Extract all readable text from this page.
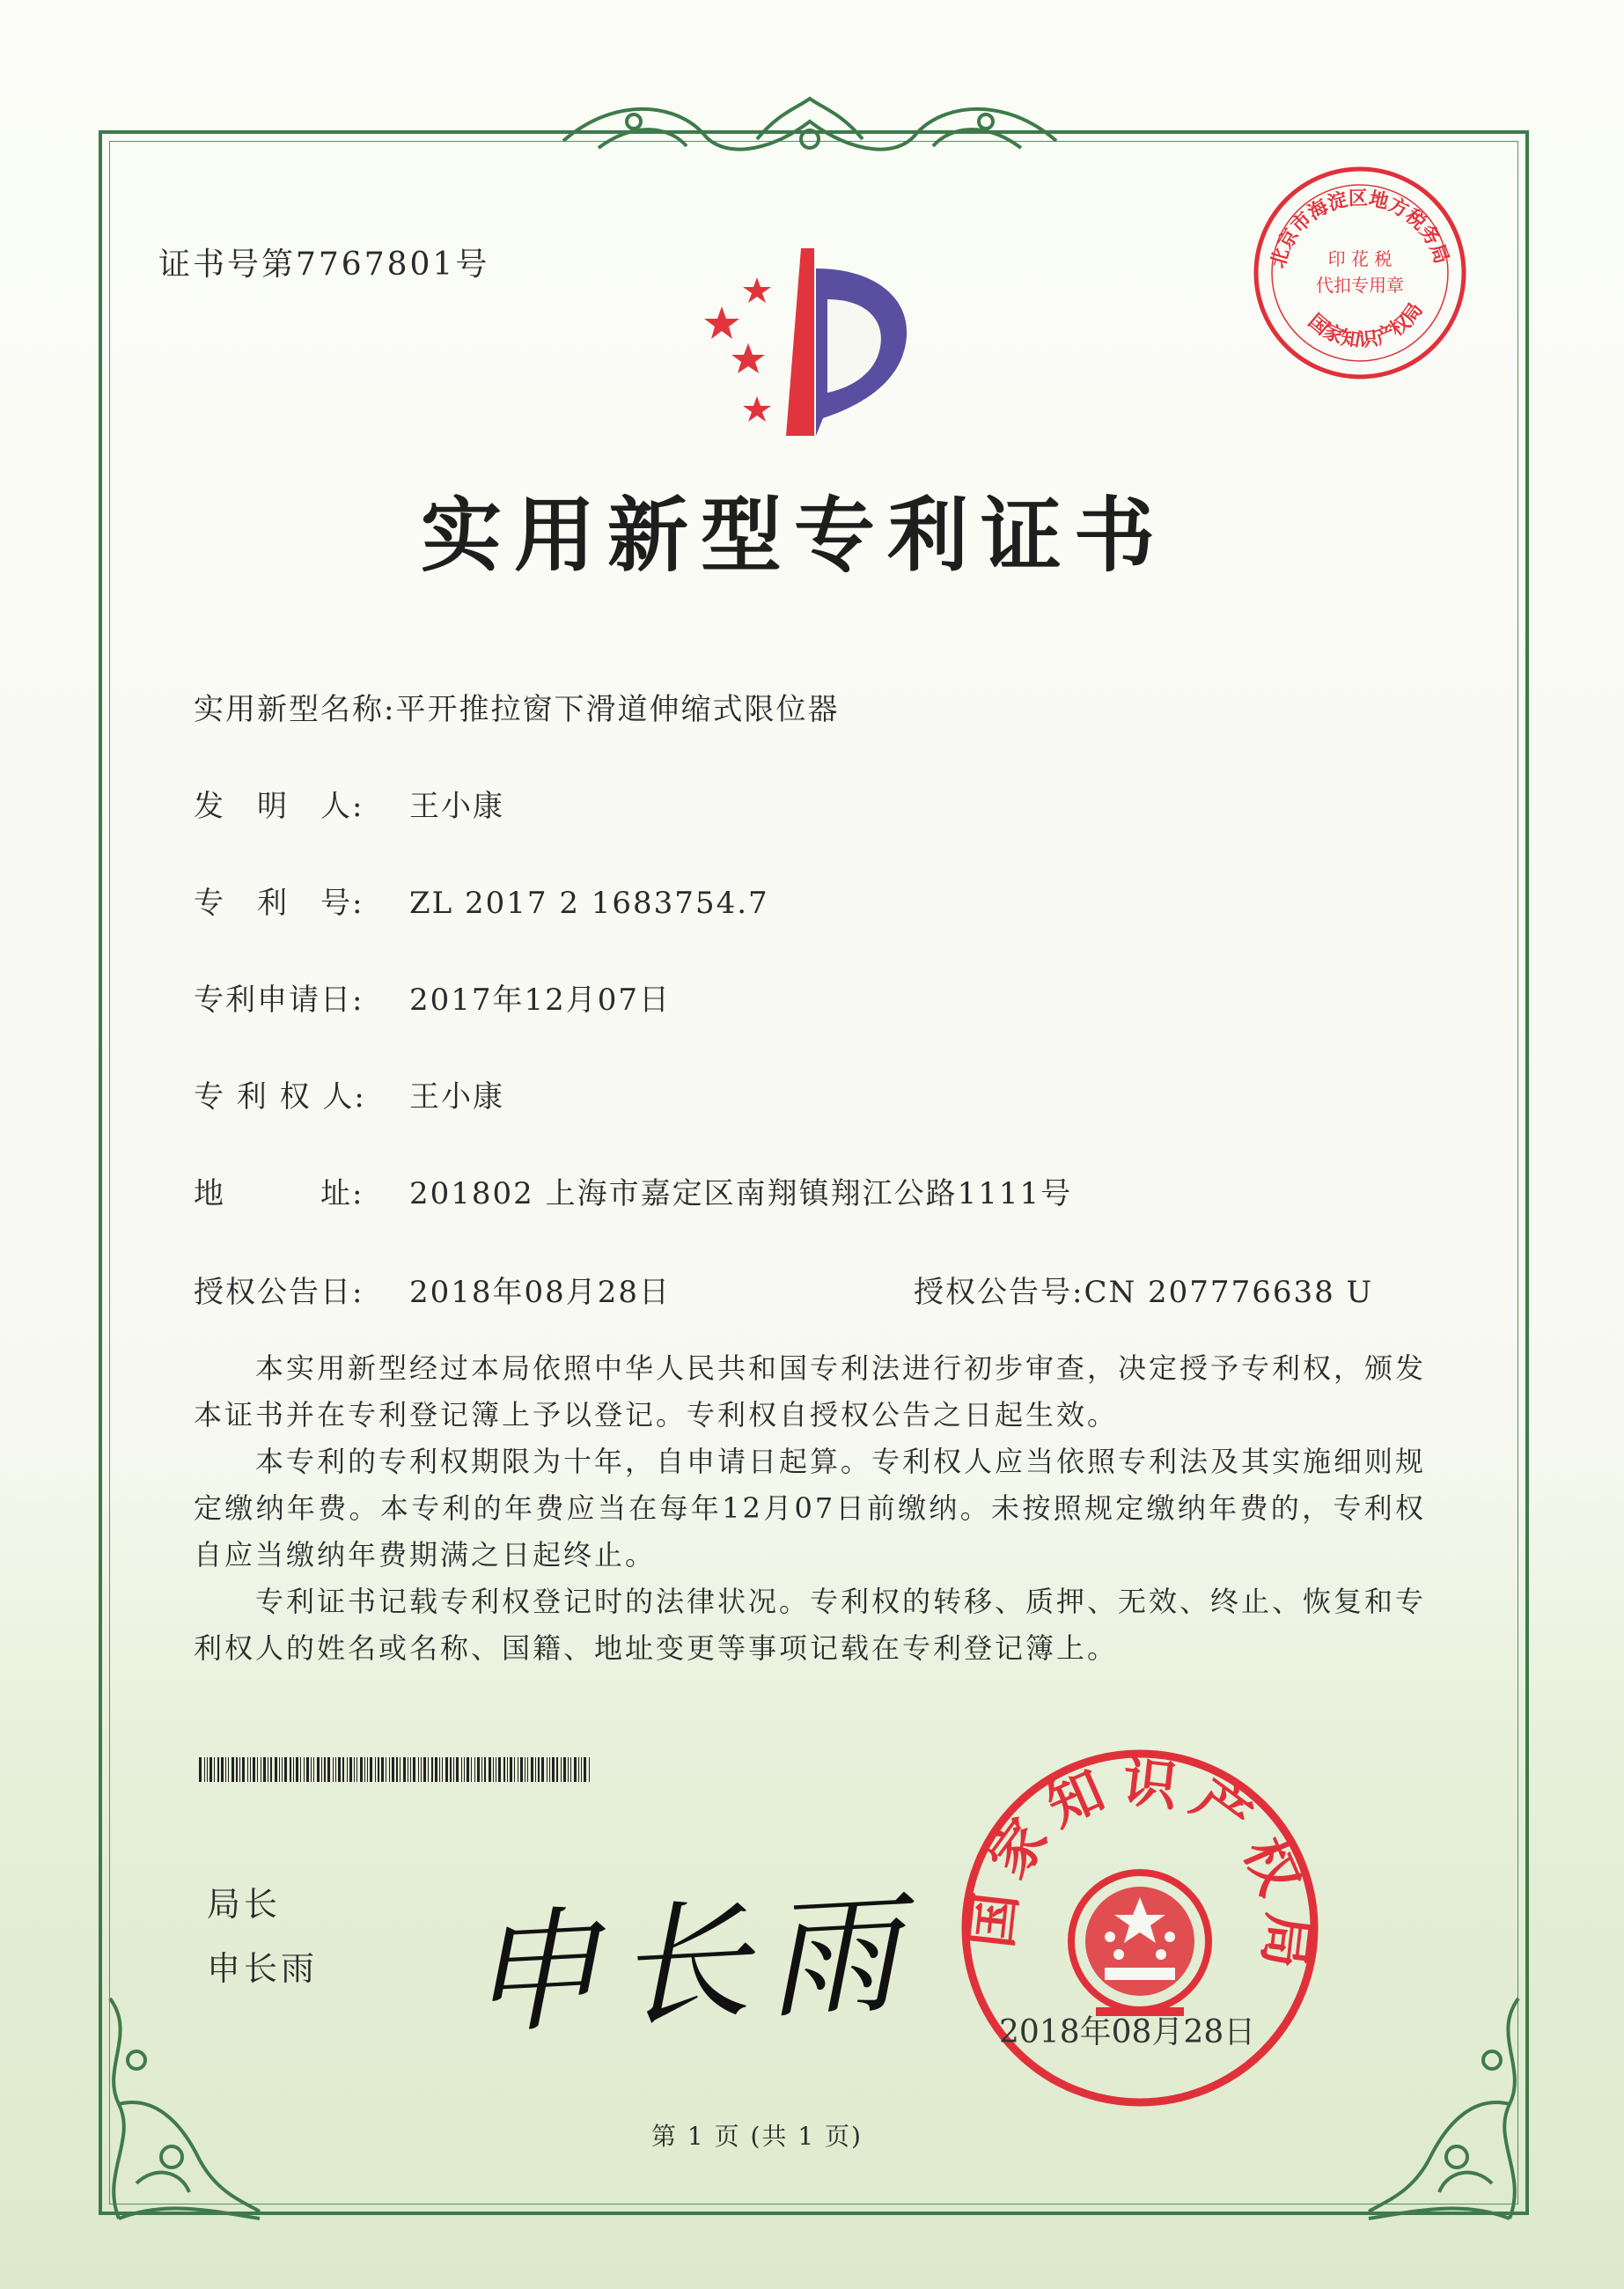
证书号第7767801号
实用新型专利证书
北京市海淀区地方税务局
国家知识产权局
印 花 税
代扣专用章
实用新型名称:平开推拉窗下滑道伸缩式限位器
发　明　人: 王小康
专　利　号: ZL 2017 2 1683754.7
专利申请日: 2017年12月07日
专 利 权 人: 王小康
地　　　址: 201802 上海市嘉定区南翔镇翔江公路1111号
授权公告日: 2018年08月28日	授权公告号:CN 207776638 U

本实用新型经过本局依照中华人民共和国专利法进行初步审查，决定授予专利权，颁发本证书并在专利登记簿上予以登记。专利权自授权公告之日起生效。

本专利的专利权期限为十年，自申请日起算。专利权人应当依照专利法及其实施细则规定缴纳年费。本专利的年费应当在每年12月07日前缴纳。未按照规定缴纳年费的，专利权自应当缴纳年费期满之日起终止。

专利证书记载专利权登记时的法律状况。专利权的转移、质押、无效、终止、恢复和专利权人的姓名或名称、国籍、地址变更等事项记载在专利登记簿上。

局长
申长雨 申长雨 国家知识产权局
2018年08月28日
第 1 页 (共 1 页)
